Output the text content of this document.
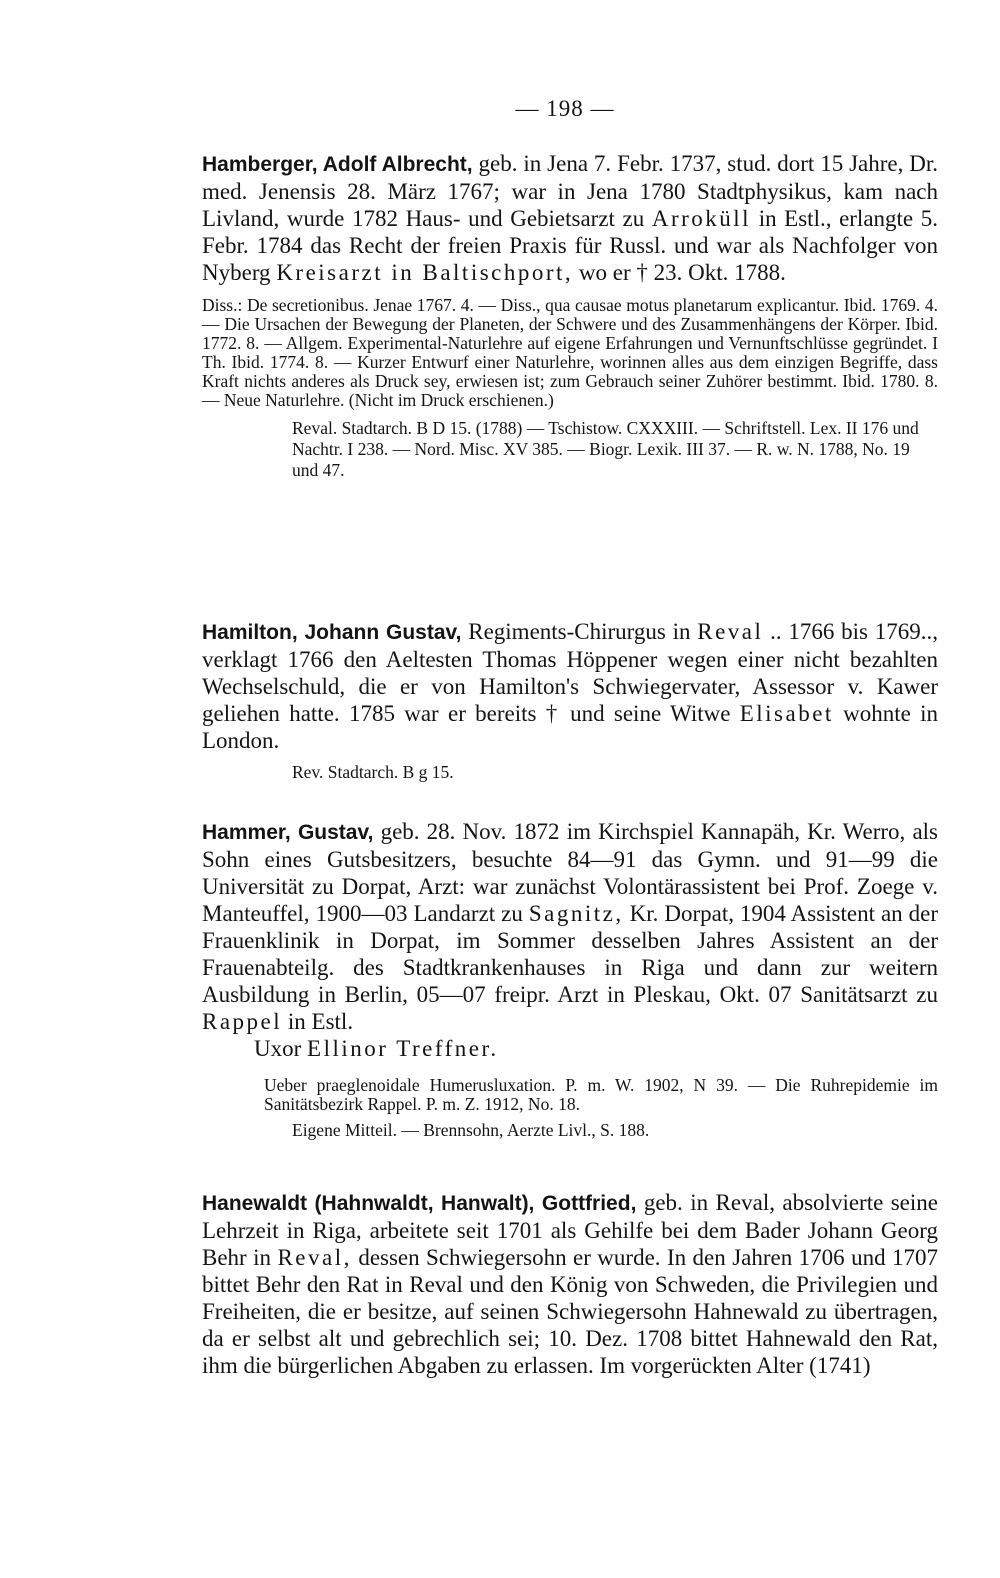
— 198 —

Hamberger, Adolf Albrecht, geb. in Jena 7. Febr. 1737, stud. dort 15 Jahre, Dr. med. Jenensis 28. März 1767; war in Jena 1780 Stadtphysikus, kam nach Livland, wurde 1782 Haus- und Gebietsarzt zu Arroküll in Estl., erlangte 5. Febr. 1784 das Recht der freien Praxis für Russl. und war als Nachfolger von Nyberg Kreisarzt in Baltischport, wo er † 23. Okt. 1788.

Diss.: De secretionibus. Jenae 1767. 4. — Diss., qua causae motus planetarum explicantur. Ibid. 1769. 4. — Die Ursachen der Bewegung der Planeten, der Schwere und des Zusammenhängens der Körper. Ibid. 1772. 8. — Allgem. Experimental-Naturlehre auf eigene Erfahrungen und Vernunftschlüsse gegründet. I Th. Ibid. 1774. 8. — Kurzer Entwurf einer Naturlehre, worinnen alles aus dem einzigen Begriffe, dass Kraft nichts anderes als Druck sey, erwiesen ist; zum Gebrauch seiner Zuhörer bestimmt. Ibid. 1780. 8. — Neue Naturlehre. (Nicht im Druck erschienen.)

Reval. Stadtarch. B D 15. (1788) — Tschistow. CXXXIII. — Schriftstell. Lex. II 176 und Nachtr. I 238. — Nord. Misc. XV 385. — Biogr. Lexik. III 37. — R. w. N. 1788, No. 19 und 47.

Hamilton, Johann Gustav, Regiments-Chirurgus in Reval .. 1766 bis 1769.., verklagt 1766 den Aeltesten Thomas Höppener wegen einer nicht bezahlten Wechselschuld, die er von Hamilton's Schwiegervater, Assessor v. Kawer geliehen hatte. 1785 war er bereits † und seine Witwe Elisabet wohnte in London.

Rev. Stadtarch. B g 15.

Hammer, Gustav, geb. 28. Nov. 1872 im Kirchspiel Kannapäh, Kr. Werro, als Sohn eines Gutsbesitzers, besuchte 84—91 das Gymn. und 91—99 die Universität zu Dorpat, Arzt: war zunächst Volontärassistent bei Prof. Zoege v. Manteuffel, 1900—03 Landarzt zu Sagnitz, Kr. Dorpat, 1904 Assistent an der Frauenklinik in Dorpat, im Sommer desselben Jahres Assistent an der Frauenabteilg. des Stadtkrankenhauses in Riga und dann zur weitern Ausbildung in Berlin, 05—07 freipr. Arzt in Pleskau, Okt. 07 Sanitätsarzt zu Rappel in Estl.

Uxor Ellinor Treffner.

Ueber praeglenoidale Humerusluxation. P. m. W. 1902, N 39. — Die Ruhrepidemie im Sanitätsbezirk Rappel. P. m. Z. 1912, No. 18.

Eigene Mitteil. — Brennsohn, Aerzte Livl., S. 188.

Hanewaldt (Hahnwaldt, Hanwalt), Gottfried, geb. in Reval, absolvierte seine Lehrzeit in Riga, arbeitete seit 1701 als Gehilfe bei dem Bader Johann Georg Behr in Reval, dessen Schwiegersohn er wurde. In den Jahren 1706 und 1707 bittet Behr den Rat in Reval und den König von Schweden, die Privilegien und Freiheiten, die er besitze, auf seinen Schwiegersohn Hahnewald zu übertragen, da er selbst alt und gebrechlich sei; 10. Dez. 1708 bittet Hahnewald den Rat, ihm die bürgerlichen Abgaben zu erlassen. Im vorgerückten Alter (1741)
